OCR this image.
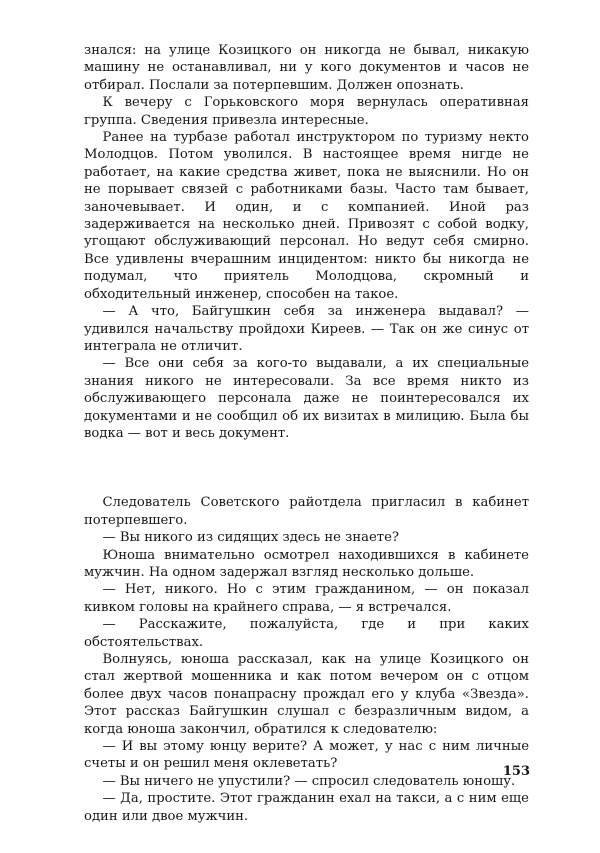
знался: на улице Козицкого он никогда не бывал, никакую машину не останавливал, ни у кого документов и часов не отбирал. Послали за потерпевшим. Должен опознать.

К вечеру с Горьковского моря вернулась оперативная группа. Сведения привезла интересные.

Ранее на турбазе работал инструктором по туризму некто Молодцов. Потом уволился. В настоящее время нигде не работает, на какие средства живет, пока не выяснили. Но он не порывает связей с работниками базы. Часто там бывает, заночевывает. И один, и с компанией. Иной раз задерживается на несколько дней. Привозят с собой водку, угощают обслуживающий персонал. Но ведут себя смирно. Все удивлены вчерашним инцидентом: никто бы никогда не подумал, что приятель Молодцова, скромный и обходительный инженер, способен на такое.

— А что, Байгушкин себя за инженера выдавал? — удивился начальству пройдохи Киреев. — Так он же синус от интеграла не отличит.

— Все они себя за кого-то выдавали, а их специальные знания никого не интересовали. За все время никто из обслуживающего персонала даже не поинтересовался их документами и не сообщил об их визитах в милицию. Была бы водка — вот и весь документ.

Следователь Советского райотдела пригласил в кабинет потерпевшего.

— Вы никого из сидящих здесь не знаете?

Юноша внимательно осмотрел находившихся в кабинете мужчин. На одном задержал взгляд несколько дольше.

— Нет, никого. Но с этим гражданином, — он показал кивком головы на крайнего справа, — я встречался.

— Расскажите, пожалуйста, где и при каких обстоятельствах.

Волнуясь, юноша рассказал, как на улице Козицкого он стал жертвой мошенника и как потом вечером он с отцом более двух часов понапрасну прождал его у клуба «Звезда». Этот рассказ Байгушкин слушал с безразличным видом, а когда юноша закончил, обратился к следователю:

— И вы этому юнцу верите? А может, у нас с ним личные счеты и он решил меня оклеветать?

— Вы ничего не упустили? — спросил следователь юношу.

— Да, простите. Этот гражданин ехал на такси, а с ним еще один или двое мужчин.

153
